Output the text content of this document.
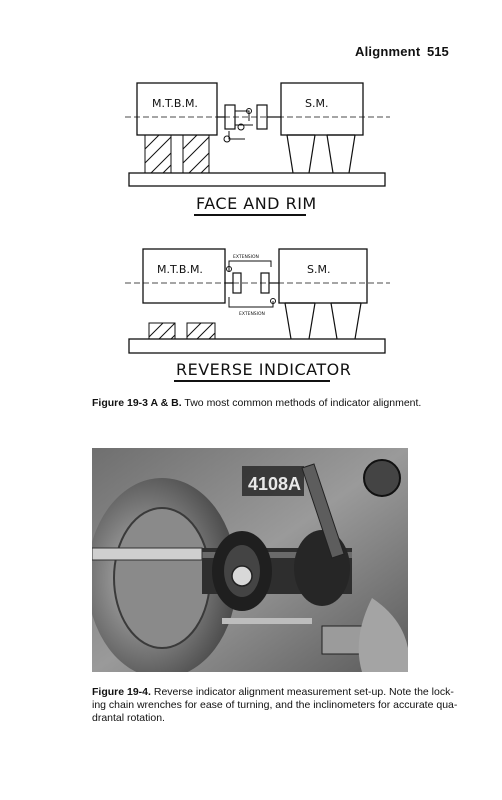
Alignment 515
M.T.B.M.	S.M.
FACE AND RIM
M.T.B.M.	S.M.
EXTENSION
EXTENSION
REVERSE INDICATOR
Figure 19-3 A & B. Two most common methods of indicator alignment.
4108A
Figure 19-4. Reverse indicator alignment measurement set-up. Note the lock-
ing chain wrenches for ease of turning, and the inclinometers for accurate qua-
drantal rotation.
